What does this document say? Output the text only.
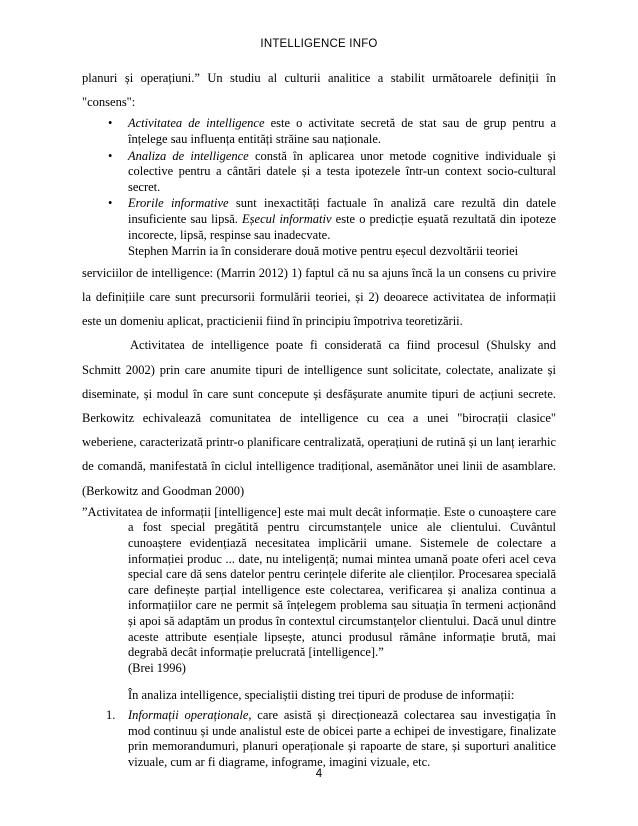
INTELLIGENCE INFO

planuri și operațiuni.” Un studiu al culturii analitice a stabilit următoarele definiții în "consens":

• Activitatea de intelligence este o activitate secretă de stat sau de grup pentru a înțelege sau influența entități străine sau naționale.
• Analiza de intelligence constă în aplicarea unor metode cognitive individuale și colective pentru a cântări datele și a testa ipotezele într-un context socio-cultural secret.
• Erorile informative sunt inexactități factuale în analiză care rezultă din datele insuficiente sau lipsă. Eșecul informativ este o predicție eșuată rezultată din ipoteze incorecte, lipsă, respinse sau inadecvate.

Stephen Marrin ia în considerare două motive pentru eșecul dezvoltării teoriei

serviciilor de intelligence: (Marrin 2012) 1) faptul că nu sa ajuns încă la un consens cu privire la definițiile care sunt precursorii formulării teoriei, și 2) deoarece activitatea de informații este un domeniu aplicat, practicienii fiind în principiu împotriva teoretizării.

Activitatea de intelligence poate fi considerată ca fiind procesul (Shulsky and Schmitt 2002) prin care anumite tipuri de intelligence sunt solicitate, colectate, analizate și diseminate, și modul în care sunt concepute și desfășurate anumite tipuri de acțiuni secrete. Berkowitz echivalează comunitatea de intelligence cu cea a unei "birocrații clasice" weberiene, caracterizată printr-o planificare centralizată, operațiuni de rutină și un lanț ierarhic de comandă, manifestată în ciclul intelligence tradițional, asemănător unei linii de asamblare. (Berkowitz and Goodman 2000)

”Activitatea de informații [intelligence] este mai mult decât informație. Este o cunoaștere care a fost special pregătită pentru circumstanțele unice ale clientului. Cuvântul cunoaștere evidențiază necesitatea implicării umane. Sistemele de colectare a informației produc ... date, nu inteligență; numai mintea umană poate oferi acel ceva special care dă sens datelor pentru cerințele diferite ale clienților. Procesarea specială care definește parțial intelligence este colectarea, verificarea și analiza continua a informațiilor care ne permit să înțelegem problema sau situația în termeni acționând și apoi să adaptăm un produs în contextul circumstanțelor clientului. Dacă unul dintre aceste attribute esențiale lipsește, atunci produsul rămâne informație brută, mai degrabă decât informație prelucrată [intelligence].”

(Brei 1996)

În analiza intelligence, specialiștii disting trei tipuri de produse de informații:

1. Informații operaționale, care asistă și direcționează colectarea sau investigația în mod continuu și unde analistul este de obicei parte a echipei de investigare, finalizate prin memorandumuri, planuri operaționale și rapoarte de stare, și suporturi analitice vizuale, cum ar fi diagrame, infograme, imagini vizuale, etc.
4
